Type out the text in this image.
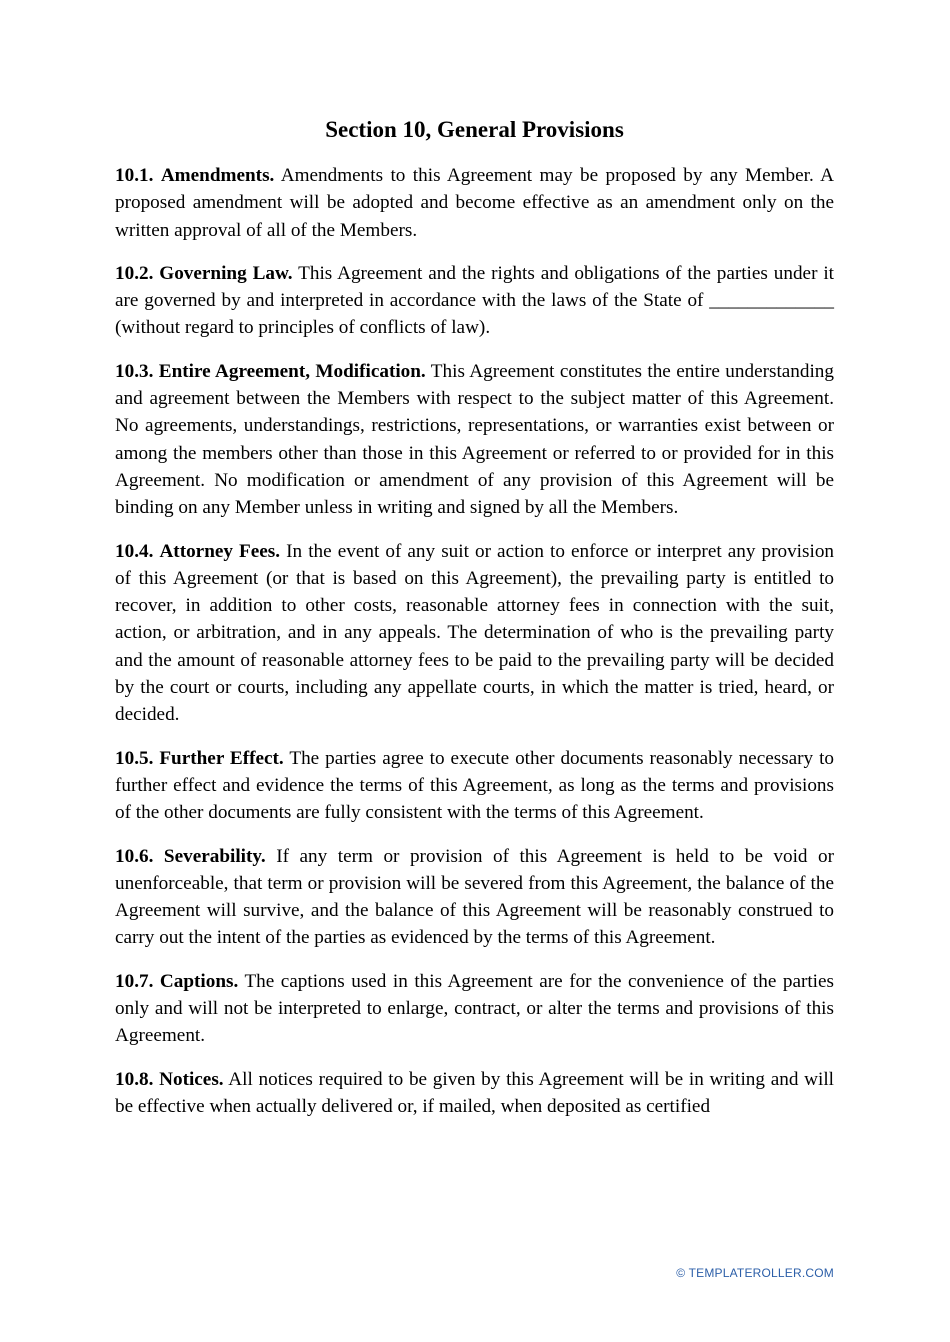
Section 10, General Provisions

10.1. Amendments. Amendments to this Agreement may be proposed by any Member. A proposed amendment will be adopted and become effective as an amendment only on the written approval of all of the Members.

10.2. Governing Law. This Agreement and the rights and obligations of the parties under it are governed by and interpreted in accordance with the laws of the State of _____________ (without regard to principles of conflicts of law).

10.3. Entire Agreement, Modification. This Agreement constitutes the entire understanding and agreement between the Members with respect to the subject matter of this Agreement. No agreements, understandings, restrictions, representations, or warranties exist between or among the members other than those in this Agreement or referred to or provided for in this Agreement. No modification or amendment of any provision of this Agreement will be binding on any Member unless in writing and signed by all the Members.

10.4. Attorney Fees. In the event of any suit or action to enforce or interpret any provision of this Agreement (or that is based on this Agreement), the prevailing party is entitled to recover, in addition to other costs, reasonable attorney fees in connection with the suit, action, or arbitration, and in any appeals. The determination of who is the prevailing party and the amount of reasonable attorney fees to be paid to the prevailing party will be decided by the court or courts, including any appellate courts, in which the matter is tried, heard, or decided.

10.5. Further Effect. The parties agree to execute other documents reasonably necessary to further effect and evidence the terms of this Agreement, as long as the terms and provisions of the other documents are fully consistent with the terms of this Agreement.

10.6. Severability. If any term or provision of this Agreement is held to be void or unenforceable, that term or provision will be severed from this Agreement, the balance of the Agreement will survive, and the balance of this Agreement will be reasonably construed to carry out the intent of the parties as evidenced by the terms of this Agreement.

10.7. Captions. The captions used in this Agreement are for the convenience of the parties only and will not be interpreted to enlarge, contract, or alter the terms and provisions of this Agreement.

10.8. Notices. All notices required to be given by this Agreement will be in writing and will be effective when actually delivered or, if mailed, when deposited as certified

© TEMPLATEROLLER.COM
